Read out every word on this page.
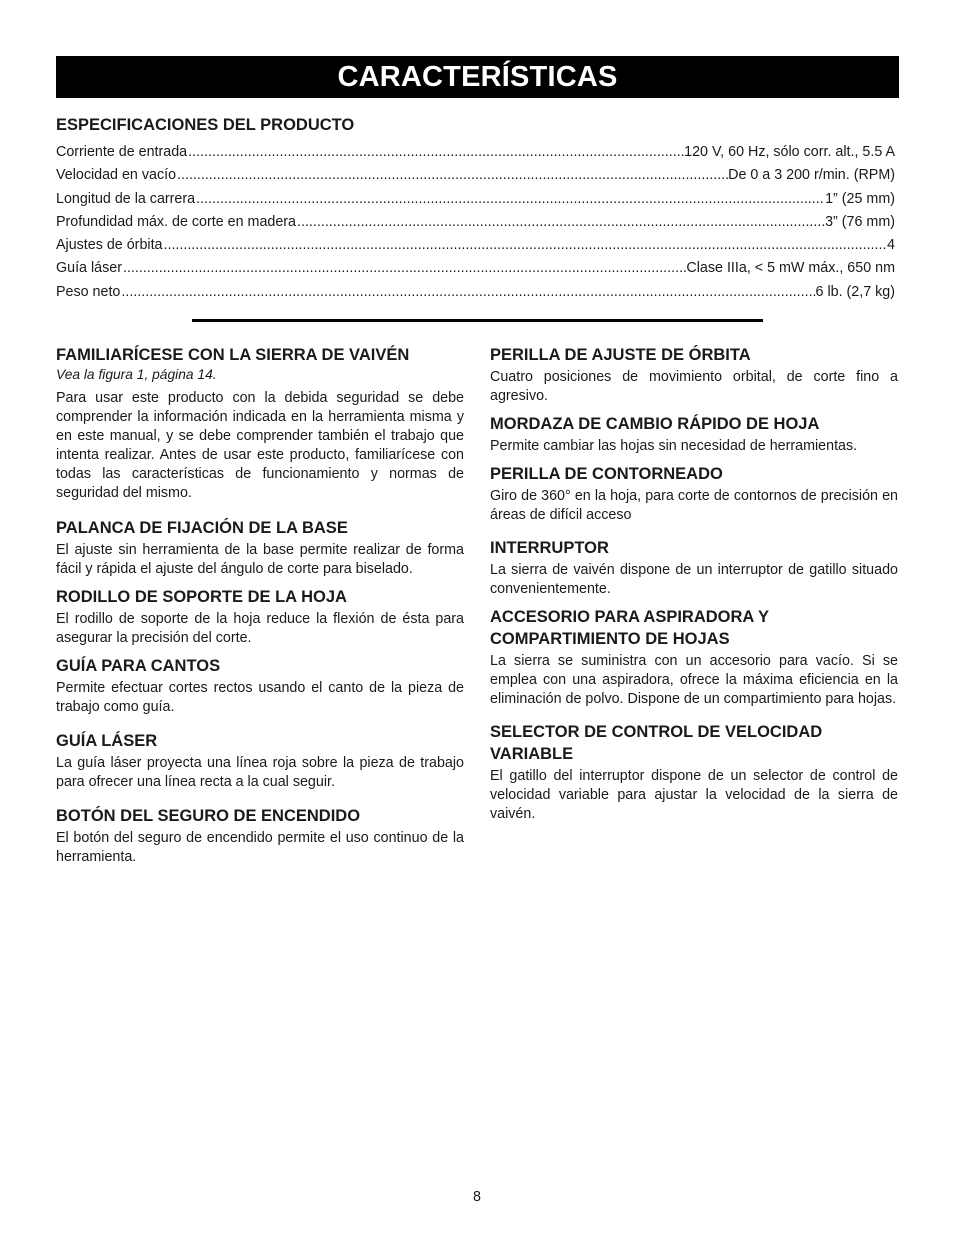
CARACTERÍSTICAS
ESPECIFICACIONES DEL PRODUCTO
Corriente de entrada .....	120 V, 60 Hz, sólo corr. alt., 5.5 A
Velocidad en vacío .....	De 0 a 3 200 r/min. (RPM)
Longitud de la carrera .....	1” (25 mm)
Profundidad máx. de corte en madera .....	3” (76 mm)
Ajustes de órbita .....	4
Guía láser .....	Clase IIIa, < 5 mW máx., 650 nm
Peso neto .....	6 lb. (2,7 kg)
FAMILIARÍCESE CON LA SIERRA DE VAIVÉN
Vea la figura 1, página 14.

Para usar este producto con la debida seguridad se debe comprender la información indicada en la herramienta misma y en este manual, y se debe comprender también el trabajo que intenta realizar. Antes de usar este producto, familiarícese con todas las características de funcionamiento y normas de seguridad del mismo.

PALANCA DE FIJACIÓN DE LA BASE

El ajuste sin herramienta de la base permite realizar de forma fácil y rápida el ajuste del ángulo de corte para biselado.

RODILLO DE SOPORTE DE LA HOJA

El rodillo de soporte de la hoja reduce la flexión de ésta para asegurar la precisión del corte.

GUÍA PARA CANTOS

Permite efectuar cortes rectos usando el canto de la pieza de trabajo como guía.

GUÍA LÁSER

La guía láser proyecta una línea roja sobre la pieza de trabajo para ofrecer una línea recta a la cual seguir.

BOTÓN DEL SEGURO DE ENCENDIDO

El botón del seguro de encendido permite el uso continuo de la herramienta.

PERILLA DE AJUSTE DE ÓRBITA

Cuatro posiciones de movimiento orbital, de corte fino a agresivo.

MORDAZA DE CAMBIO RÁPIDO DE HOJA

Permite cambiar las hojas sin necesidad de herramientas.

PERILLA DE CONTORNEADO

Giro de 360° en la hoja, para corte de contornos de precisión en áreas de difícil acceso

INTERRUPTOR

La sierra de vaivén dispone de un interruptor de gatillo situado convenientemente.

ACCESORIO PARA ASPIRADORA Y COMPARTIMIENTO DE HOJAS

La sierra se suministra con un accesorio para vacío. Si se emplea con una aspiradora, ofrece la máxima eficiencia en la eliminación de polvo. Dispone de un compartimiento para hojas.

SELECTOR DE CONTROL DE VELOCIDAD VARIABLE

El gatillo del interruptor dispone de un selector de control de velocidad variable para ajustar la velocidad de la sierra de vaivén.

8
